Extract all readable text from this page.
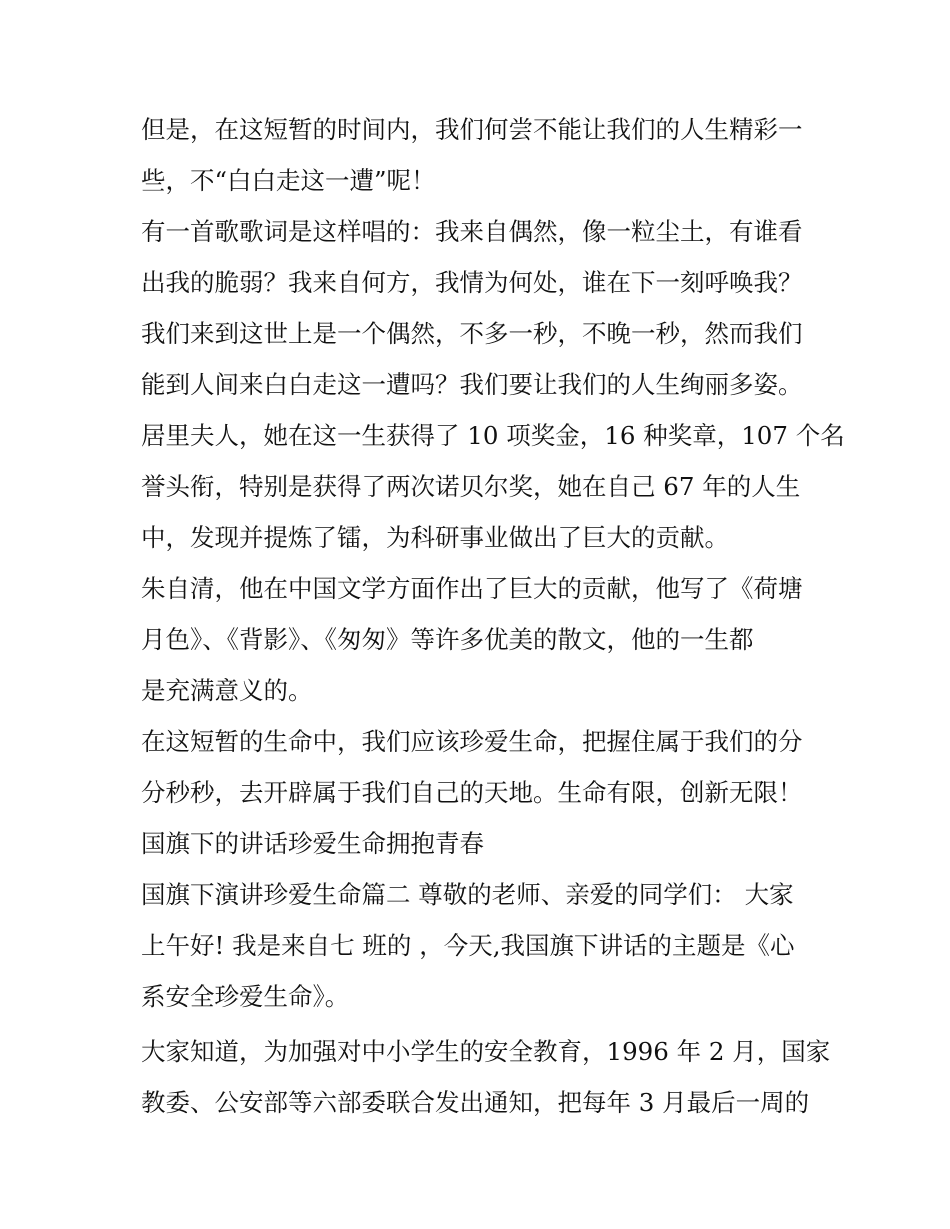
但是，在这短暂的时间内，我们何尝不能让我们的人生精彩一
些，不“白白走这一遭”呢！

有一首歌歌词是这样唱的：我来自偶然，像一粒尘土，有谁看
出我的脆弱？我来自何方，我情为何处，谁在下一刻呼唤我？
我们来到这世上是一个偶然，不多一秒，不晚一秒，然而我们
能到人间来白白走这一遭吗？我们要让我们的人生绚丽多姿。

居里夫人，她在这一生获得了 10 项奖金，16 种奖章，107 个名
誉头衔，特别是获得了两次诺贝尔奖，她在自己 67 年的人生
中，发现并提炼了镭，为科研事业做出了巨大的贡献。

朱自清，他在中国文学方面作出了巨大的贡献，他写了《荷塘
月色》、《背影》、《匆匆》等许多优美的散文，他的一生都
是充满意义的。

在这短暂的生命中，我们应该珍爱生命，把握住属于我们的分
分秒秒，去开辟属于我们自己的天地。生命有限，创新无限！

国旗下的讲话珍爱生命拥抱青春

国旗下演讲珍爱生命篇二 尊敬的老师、亲爱的同学们： 大家
上午好! 我是来自七 班的 ，今天,我国旗下讲话的主题是《心
系安全珍爱生命》。

大家知道，为加强对中小学生的安全教育，1996 年 2 月，国家
教委、公安部等六部委联合发出通知，把每年 3 月最后一周的
